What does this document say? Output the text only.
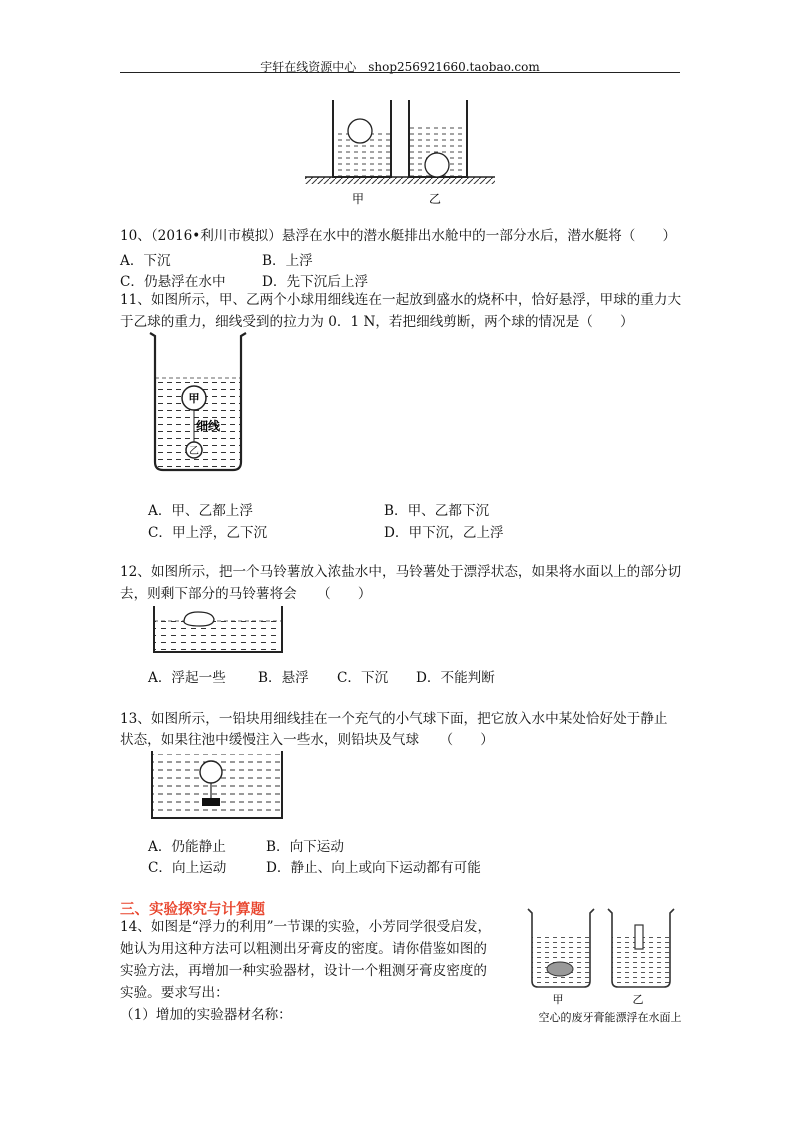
宇轩在线资源中心　shop256921660.taobao.com
甲	乙
10、（2016•利川市模拟）悬浮在水中的潜水艇排出水舱中的一部分水后，潜水艇将（　　）
A．下沉	B．上浮
C．仍悬浮在水中	D．先下沉后上浮
11、如图所示，甲、乙两个小球用细线连在一起放到盛水的烧杯中，恰好悬浮，甲球的重力大
于乙球的重力，细线受到的拉力为 0．1 N，若把细线剪断，两个球的情况是（　　）
甲
细线
乙
A．甲、乙都上浮	B．甲、乙都下沉
C．甲上浮，乙下沉	D．甲下沉，乙上浮
12、如图所示，把一个马铃薯放入浓盐水中，马铃薯处于漂浮状态，如果将水面以上的部分切
去，则剩下部分的马铃薯将会　　（　　）
A．浮起一些 B．悬浮 C．下沉 D．不能判断
13、如图所示，一铅块用细线挂在一个充气的小气球下面，把它放入水中某处恰好处于静止
状态，如果往池中缓慢注入一些水，则铅块及气球　　（　　）
A．仍能静止	B．向下运动
C．向上运动	D．静止、向上或向下运动都有可能
三、实验探究与计算题
14、如图是“浮力的利用”一节课的实验，小芳同学很受启发，
她认为用这种方法可以粗测出牙膏皮的密度。请你借鉴如图的
实验方法，再增加一种实验器材，设计一个粗测牙膏皮密度的
实验。要求写出：
（1）增加的实验器材名称：
甲	乙
空心的废牙膏能漂浮在水面上
